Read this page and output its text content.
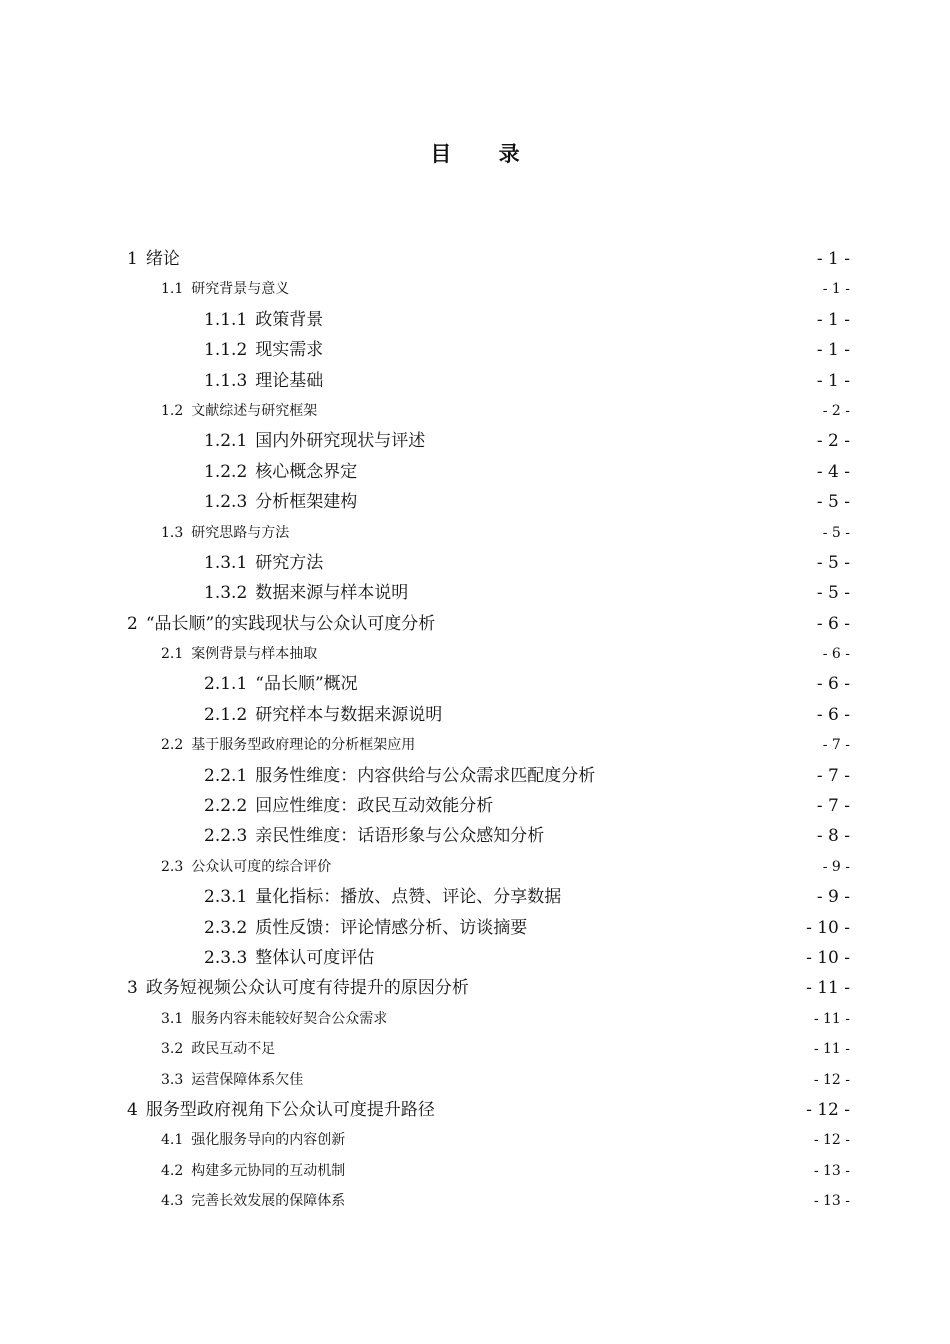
目 录
1 绪论	- 1 -
1.1 研究背景与意义	- 1 -
1.1.1 政策背景	- 1 -
1.1.2 现实需求	- 1 -
1.1.3 理论基础	- 1 -
1.2 文献综述与研究框架	- 2 -
1.2.1 国内外研究现状与评述	- 2 -
1.2.2 核心概念界定	- 4 -
1.2.3 分析框架建构	- 5 -
1.3 研究思路与方法	- 5 -
1.3.1 研究方法	- 5 -
1.3.2 数据来源与样本说明	- 5 -
2 “品长顺”的实践现状与公众认可度分析	- 6 -
2.1 案例背景与样本抽取	- 6 -
2.1.1 “品长顺”概况	- 6 -
2.1.2 研究样本与数据来源说明	- 6 -
2.2 基于服务型政府理论的分析框架应用	- 7 -
2.2.1 服务性维度：内容供给与公众需求匹配度分析	- 7 -
2.2.2 回应性维度：政民互动效能分析	- 7 -
2.2.3 亲民性维度：话语形象与公众感知分析	- 8 -
2.3 公众认可度的综合评价	- 9 -
2.3.1 量化指标：播放、点赞、评论、分享数据	- 9 -
2.3.2 质性反馈：评论情感分析、访谈摘要	- 10 -
2.3.3 整体认可度评估	- 10 -
3 政务短视频公众认可度有待提升的原因分析	- 11 -
3.1 服务内容未能较好契合公众需求	- 11 -
3.2 政民互动不足	- 11 -
3.3 运营保障体系欠佳	- 12 -
4 服务型政府视角下公众认可度提升路径	- 12 -
4.1 强化服务导向的内容创新	- 12 -
4.2 构建多元协同的互动机制	- 13 -
4.3 完善长效发展的保障体系	- 13 -
